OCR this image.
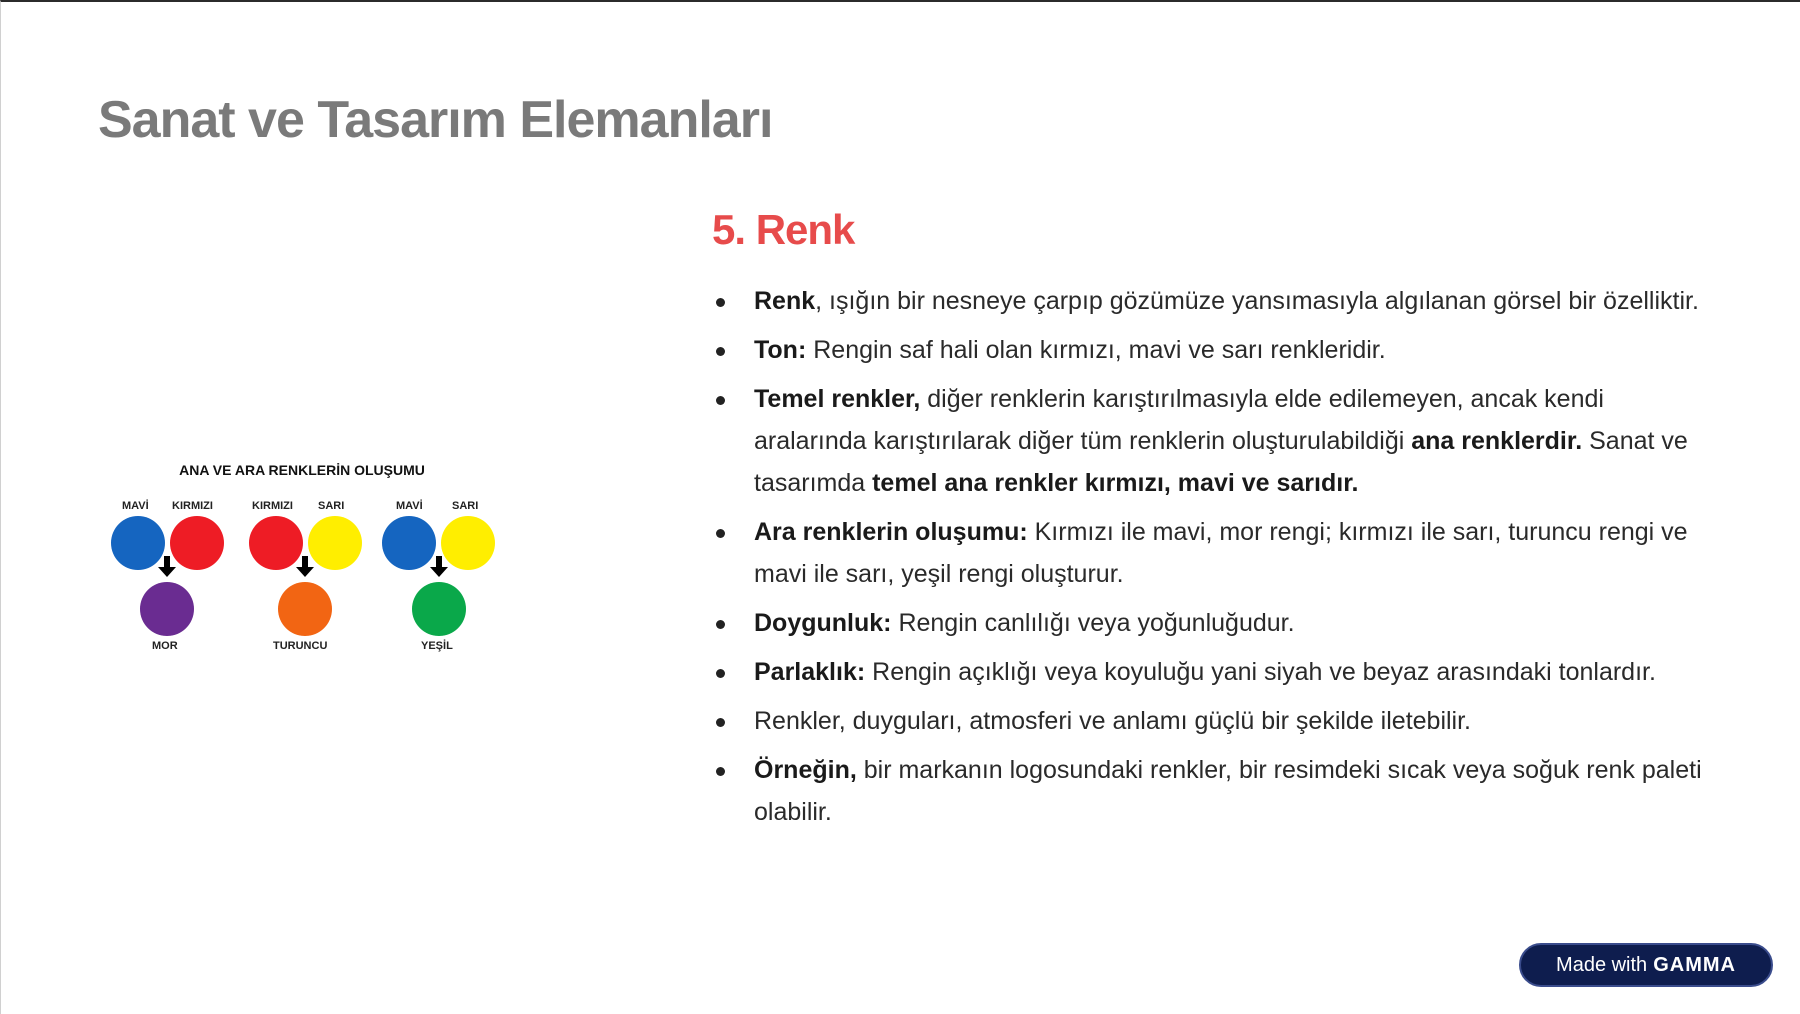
Sanat ve Tasarım Elemanları
ANA VE ARA RENKLERİN OLUŞUMU
MAVİ KIRMIZI
MOR
KIRMIZI SARI
TURUNCU
MAVİ	SARI
YEŞİL
5. Renk
Renk, ışığın bir nesneye çarpıp gözümüze yansımasıyla algılanan görsel bir özelliktir.
Ton: Rengin saf hali olan kırmızı, mavi ve sarı renkleridir.
Temel renkler, diğer renklerin karıştırılmasıyla elde edilemeyen, ancak kendi aralarında karıştırılarak diğer tüm renklerin oluşturulabildiği ana renklerdir. Sanat ve tasarımda temel ana renkler kırmızı, mavi ve sarıdır.
Ara renklerin oluşumu: Kırmızı ile mavi, mor rengi; kırmızı ile sarı, turuncu rengi ve mavi ile sarı, yeşil rengi oluşturur.
Doygunluk: Rengin canlılığı veya yoğunluğudur.
Parlaklık: Rengin açıklığı veya koyuluğu yani siyah ve beyaz arasındaki tonlardır.
Renkler, duyguları, atmosferi ve anlamı güçlü bir şekilde iletebilir.
Örneğin, bir markanın logosundaki renkler, bir resimdeki sıcak veya soğuk renk paleti olabilir.
Made with GAMMA
